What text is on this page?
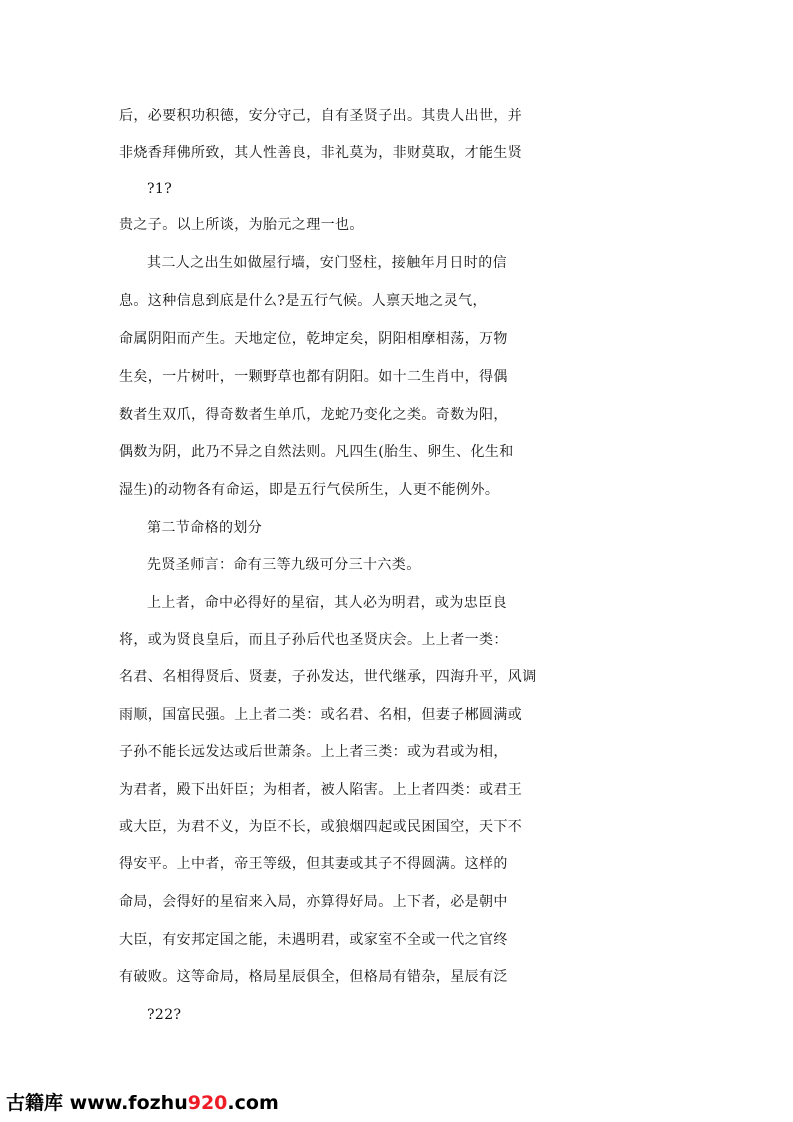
后，必要积功积德，安分守己，自有圣贤子出。其贵人出世，并
非烧香拜佛所致，其人性善良，非礼莫为，非财莫取，才能生贤
?1?
贵之子。以上所谈，为胎元之理一也。
其二人之出生如做屋行墙，安门竖柱，接触年月日时的信
息。这种信息到底是什么?是五行气候。人禀天地之灵气，
命属阴阳而产生。天地定位，乾坤定矣，阴阳相摩相荡，万物
生矣，一片树叶，一颗野草也都有阴阳。如十二生肖中，得偶
数者生双爪，得奇数者生单爪，龙蛇乃变化之类。奇数为阳，
偶数为阴，此乃不异之自然法则。凡四生(胎生、卵生、化生和
湿生)的动物各有命运，即是五行气侯所生，人更不能例外。
第二节命格的划分
先贤圣师言：命有三等九级可分三十六类。
上上者，命中必得好的星宿，其人必为明君，或为忠臣良
将，或为贤良皇后，而且子孙后代也圣贤庆会。上上者一类：
名君、名相得贤后、贤妻，子孙发达，世代继承，四海升平，风调
雨顺，国富民强。上上者二类：或名君、名相，但妻子郴圆满或
子孙不能长远发达或后世萧条。上上者三类：或为君或为相，
为君者，殿下出奸臣；为相者，被人陷害。上上者四类：或君王
或大臣，为君不义，为臣不长，或狼烟四起或民困国空，天下不
得安平。上中者，帝王等级，但其妻或其子不得圆满。这样的
命局，会得好的星宿来入局，亦算得好局。上下者，必是朝中
大臣，有安邦定国之能，未遇明君，或家室不全或一代之官终
有破败。这等命局，格局星辰俱全，但格局有错杂，星辰有泛
?22?
古籍库 www.fozhu920.com
